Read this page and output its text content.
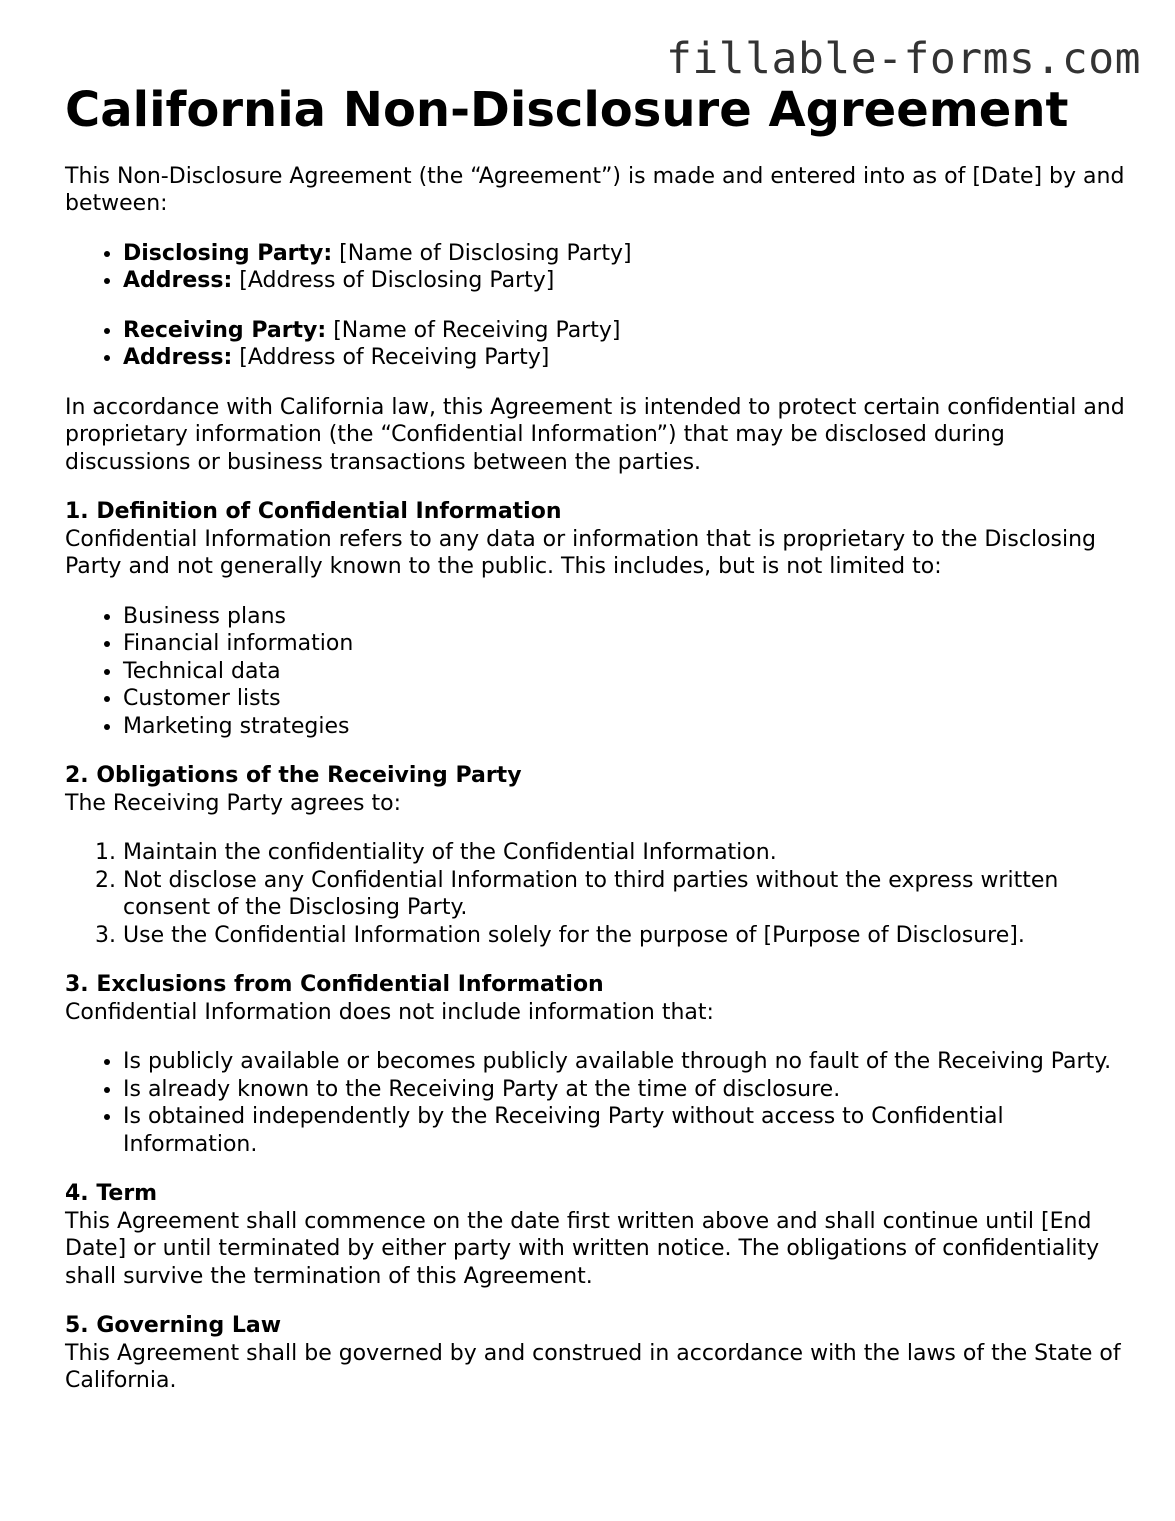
fillable-forms.com
California Non-Disclosure Agreement

This Non-Disclosure Agreement (the “Agreement”) is made and entered into as of [Date] by and between:

• Disclosing Party: [Name of Disclosing Party]
• Address: [Address of Disclosing Party]
• Receiving Party: [Name of Receiving Party]
• Address: [Address of Receiving Party]

In accordance with California law, this Agreement is intended to protect certain confidential and proprietary information (the “Confidential Information”) that may be disclosed during discussions or business transactions between the parties.

1. Definition of Confidential Information
Confidential Information refers to any data or information that is proprietary to the Disclosing Party and not generally known to the public. This includes, but is not limited to:

• Business plans
• Financial information
• Technical data
• Customer lists
• Marketing strategies

2. Obligations of the Receiving Party
The Receiving Party agrees to:

1. Maintain the confidentiality of the Confidential Information.
2. Not disclose any Confidential Information to third parties without the express written consent of the Disclosing Party.
3. Use the Confidential Information solely for the purpose of [Purpose of Disclosure].

3. Exclusions from Confidential Information
Confidential Information does not include information that:

• Is publicly available or becomes publicly available through no fault of the Receiving Party.
• Is already known to the Receiving Party at the time of disclosure.
• Is obtained independently by the Receiving Party without access to Confidential Information.

4. Term
This Agreement shall commence on the date first written above and shall continue until [End Date] or until terminated by either party with written notice. The obligations of confidentiality shall survive the termination of this Agreement.

5. Governing Law
This Agreement shall be governed by and construed in accordance with the laws of the State of California.
